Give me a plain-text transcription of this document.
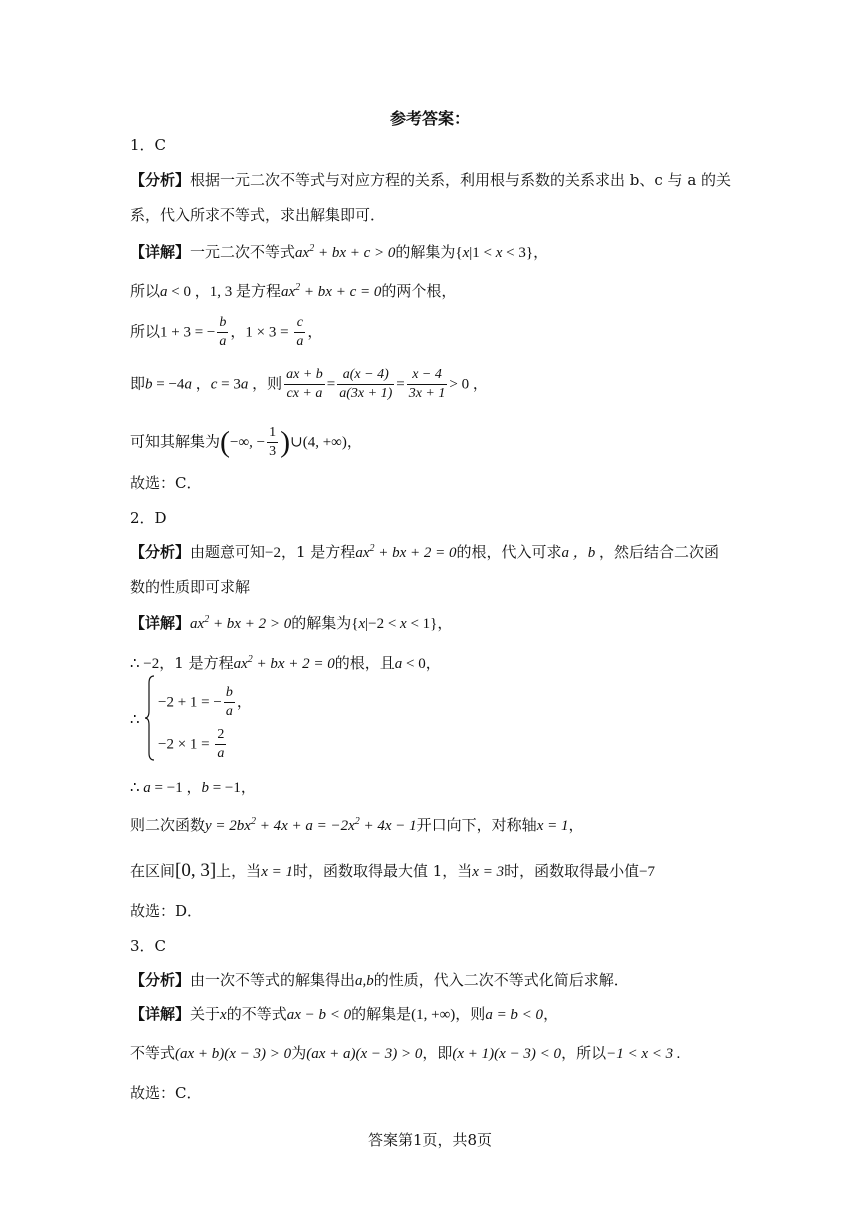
参考答案：
1．C
【分析】根据一元二次不等式与对应方程的关系，利用根与系数的关系求出 b、c 与 a 的关
系，代入所求不等式，求出解集即可．
【详解】一元二次不等式$ax^2$ + bx + c > 0的解集为{x|1 < x < 3}，
所以a < 0 ，1, 3 是方程$ax^2$ + bx + c = 0的两个根，
所以1 + 3 = − $\frac{b}{a}$ ，$1 \times 3 = \frac{c}{a}$ ，
即b = −4a ，c = 3a ，则 $\frac{ax + b}{cx + a} = \frac{a(x - 4)}{a(3x + 1)} = \frac{x - 4}{3x + 1} > 0$ ，
可知其解集为(−∞, − $\frac{1}{3}$ )∪(4, +∞)，
故选：C．
2．D
【分析】由题意可知−2，1 是方程$ax^2$ + bx + 2 = 0的根，代入可求a ，b ，然后结合二次函
数的性质即可求解
【详解】$ax^2$ + bx + 2 > 0的解集为{x|−2 < x < 1}，
∴ −2，1 是方程$ax^2$ + bx + 2 = 0的根，且a < 0，
∴
−2 + 1 = − $\frac{b}{a}$ ，
$-2 \times 1 = \frac{2}{a}$
∴ a = −1 ，b = −1，
则二次函数$y = 2bx^2 + 4x + a = -2x^2 + 4x - 1$开口向下，对称轴x = 1，
在区间[0, 3]上，当x = 1时，函数取得最大值 1，当x = 3时，函数取得最小值−7
故选：D．
3．C
【分析】由一次不等式的解集得出a,b的性质，代入二次不等式化简后求解．
【详解】关于x的不等式ax − b < 0的解集是(1, +∞)，则a = b < 0，
不等式(ax + b)(x − 3) > 0为(ax + a)(x − 3) > 0，即(x + 1)(x − 3) < 0，所以−1 < x < 3 .
故选：C．
答案第1页，共8页
